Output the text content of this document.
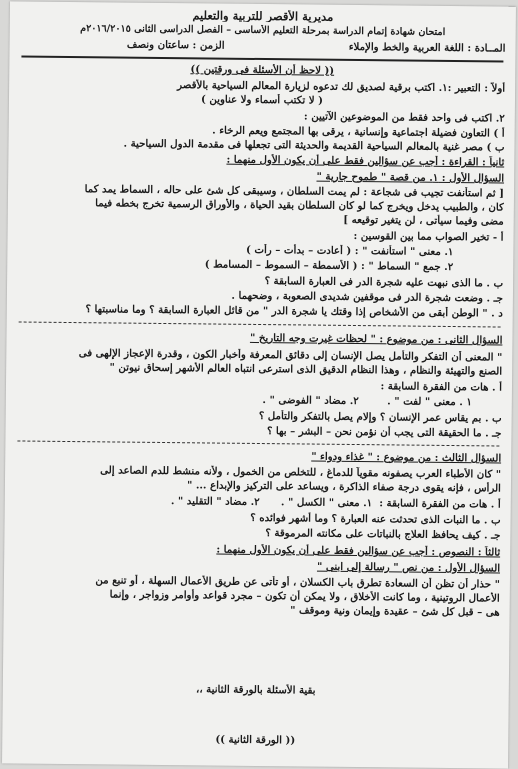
مديرية الأقصر للتربية والتعليم
امتحان شهادة إتمام الدراسة بمرحلة التعليم الأساسى – الفصل الدراسى الثانى ٢٠١٦/٢٠١٥م
المــادة : اللغة العربية والخط والإملاء                                   الزمن : ساعتان ونصف
(( لاحظ أن الأسئلة فى ورقتين ))
أولاً : التعبير :١. اكتب برقية لصديق لك تدعوه لزيارة المعالم السياحية بالأقصر
( لا تكتب أسماء ولا عناوين )
٢. اكتب فى واحد فقط من الموضوعين الآتيين :
أ ) التعاون فضيلة اجتماعية وإنسانية ، يرقى بها المجتمع ويعم الرخاء .
ب ) مصر غنية بالمعالم السياحية القديمة والحديثة التى تجعلها فى مقدمة الدول السياحية .
ثانياً : القراءة : أجب عن سؤالين فقط على أن يكون الأول منهما :
السؤال الأول : ١. من قصة " طموح جارية "
[ ثم استأنفت تجيب فى شجاعة : لم يمت السلطان ، وسيبقى كل شئ على حاله ، السماط يمد كما
كان ، والطبيب يدخل ويخرج كما لو كان السلطان بقيد الحياة ، والأوراق الرسمية تخرج بخطه فيما
مضى وفيما سيأتى ، لن يتغير توقيعه ]
أ - تخير الصواب مما بين القوسين :
١. معنى " استأنفت " : ( أعادت – بدأت – رأت )
٢. جمع " السماط " : ( الأسمطة – السموط – المسامط )
ب . ما الذى نبهت عليه شجرة الدر فى العبارة السابقة ؟
جـ . وضعت شجرة الدر فى موقفين شديدى الصعوبة ، وضحهما .
د . " الوطن أبقى من الأشخاص إذا وقتك يا شجرة الدر " من قائل العبارة السابقة ؟ وما مناسبتها ؟
السؤال الثانى : من موضوع : " لحظات غيرت وجه التاريخ "
" المعنى أن التفكر والتأمل يصل الإنسان إلى دقائق المعرفة وأخبار الكون ، وقدرة الإعجاز الإلهى فى
الصنع والتهيئة والنظام ، وهذا النظام الدقيق الذى استرعى انتباه العالم الأشهر إسحاق نيوتن "
أ . هات من الفقرة السابقة :
١ . معنى " لفت " .        ٢. مضاد " الفوضى " .
ب . بم يقاس عمر الإنسان ؟ وإلام يصل بالتفكر والتأمل ؟
جـ . ما الحقيقة التى يجب أن نؤمن نحن – البشر – بها ؟
السؤال الثالث : من موضوع : " غذاء ودواء "
" كان الأطباء العرب يصفونه مقوياً للدماغ ، للتخلص من الخمول ، ولأنه منشط للدم الصاعد إلى
الرأس ، فإنه يقوى درجة صفاء الذاكرة ، ويساعد على التركيز والإبداع ... "
أ . هات من الفقرة السابقة :  ١. معنى " الكسل " .      ٢. مضاد " التقليد " .
ب . ما النبات الذى تحدثت عنه العبارة ؟ وما أشهر فوائده ؟
جـ . كيف يحافظ العلاج بالنباتات على مكانته المرموقة ؟
ثالثاً : النصوص : أجب عن سؤالين فقط على أن يكون الأول منهما :
السؤال الأول : من نص " رسالة إلى ابنى "
" حذار أن تظن أن السعادة تطرق باب الكسلان ، أو تأتى عن طريق الأعمال السهلة ، أو تنبع من
الأعمال الروتينية ، وما كانت الأخلاق ، ولا يمكن أن تكون – مجرد قواعد وأوامر وزواجر ، وإنما
هى – قبل كل شئ – عقيدة وإيمان ونية وموقف "
بقية الأسئلة بالورقة الثانية ،،
(( الورقة الثانية ))
